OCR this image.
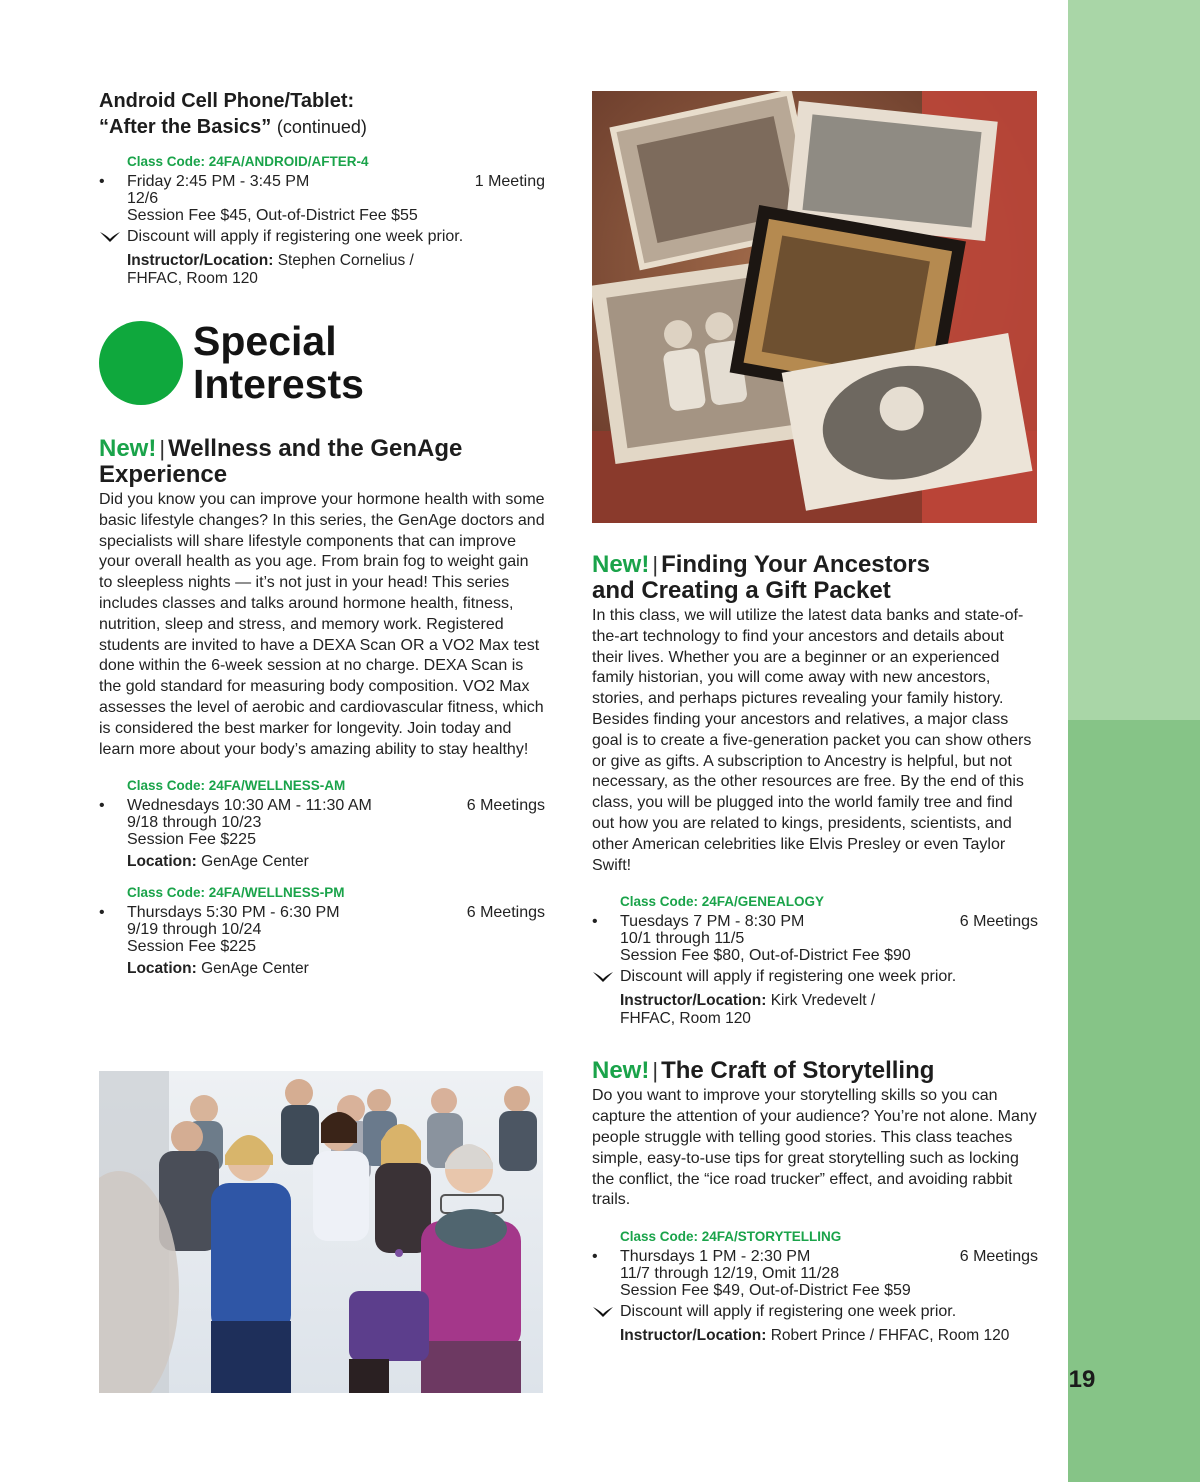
19
Android Cell Phone/Tablet:
“After the Basics” (continued)
Class Code: 24FA/ANDROID/AFTER-4
• Friday 2:45 PM - 3:45 PM	1 Meeting
12/6
Session Fee $45, Out-of-District Fee $55
Discount will apply if registering one week prior.
Instructor/Location: Stephen Cornelius /
FHFAC, Room 120
Special
Interests
New! | Wellness and the GenAge
Experience

Did you know you can improve your hormone health with some basic lifestyle changes? In this series, the GenAge doctors and specialists will share lifestyle components that can improve your overall health as you age. From brain fog to weight gain to sleepless nights — it’s not just in your head! This series includes classes and talks around hormone health, fitness, nutrition, sleep and stress, and memory work. Registered students are invited to have a DEXA Scan OR a VO2 Max test done within the 6-week session at no charge. DEXA Scan is the gold standard for measuring body composition. VO2 Max assesses the level of aerobic and cardiovascular fitness, which is considered the best marker for longevity. Join today and learn more about your body’s amazing ability to stay healthy!

Class Code: 24FA/WELLNESS-AM
• Wednesdays 10:30 AM - 11:30 AM	6 Meetings
9/18 through 10/23
Session Fee $225
Location: GenAge Center
Class Code: 24FA/WELLNESS-PM
• Thursdays 5:30 PM - 6:30 PM	6 Meetings
9/19 through 10/24
Session Fee $225
Location: GenAge Center
New! | Finding Your Ancestors
and Creating a Gift Packet

In this class, we will utilize the latest data banks and state-of-the-art technology to find your ancestors and details about their lives. Whether you are a beginner or an experienced family historian, you will come away with new ancestors, stories, and perhaps pictures revealing your family history. Besides finding your ancestors and relatives, a major class goal is to create a five-generation packet you can show others or give as gifts. A subscription to Ancestry is helpful, but not necessary, as the other resources are free. By the end of this class, you will be plugged into the world family tree and find out how you are related to kings, presidents, scientists, and other American celebrities like Elvis Presley or even Taylor Swift!

Class Code: 24FA/GENEALOGY
• Tuesdays 7 PM - 8:30 PM	6 Meetings
10/1 through 11/5
Session Fee $80, Out-of-District Fee $90
Discount will apply if registering one week prior.
Instructor/Location: Kirk Vredevelt /
FHFAC, Room 120
New! | The Craft of Storytelling

Do you want to improve your storytelling skills so you can capture the attention of your audience? You’re not alone. Many people struggle with telling good stories. This class teaches simple, easy-to-use tips for great storytelling such as locking the conflict, the “ice road trucker” effect, and avoiding rabbit trails.

Class Code: 24FA/STORYTELLING
• Thursdays 1 PM - 2:30 PM	6 Meetings
11/7 through 12/19, Omit 11/28
Session Fee $49, Out-of-District Fee $59
Discount will apply if registering one week prior.
Instructor/Location: Robert Prince / FHFAC, Room 120
